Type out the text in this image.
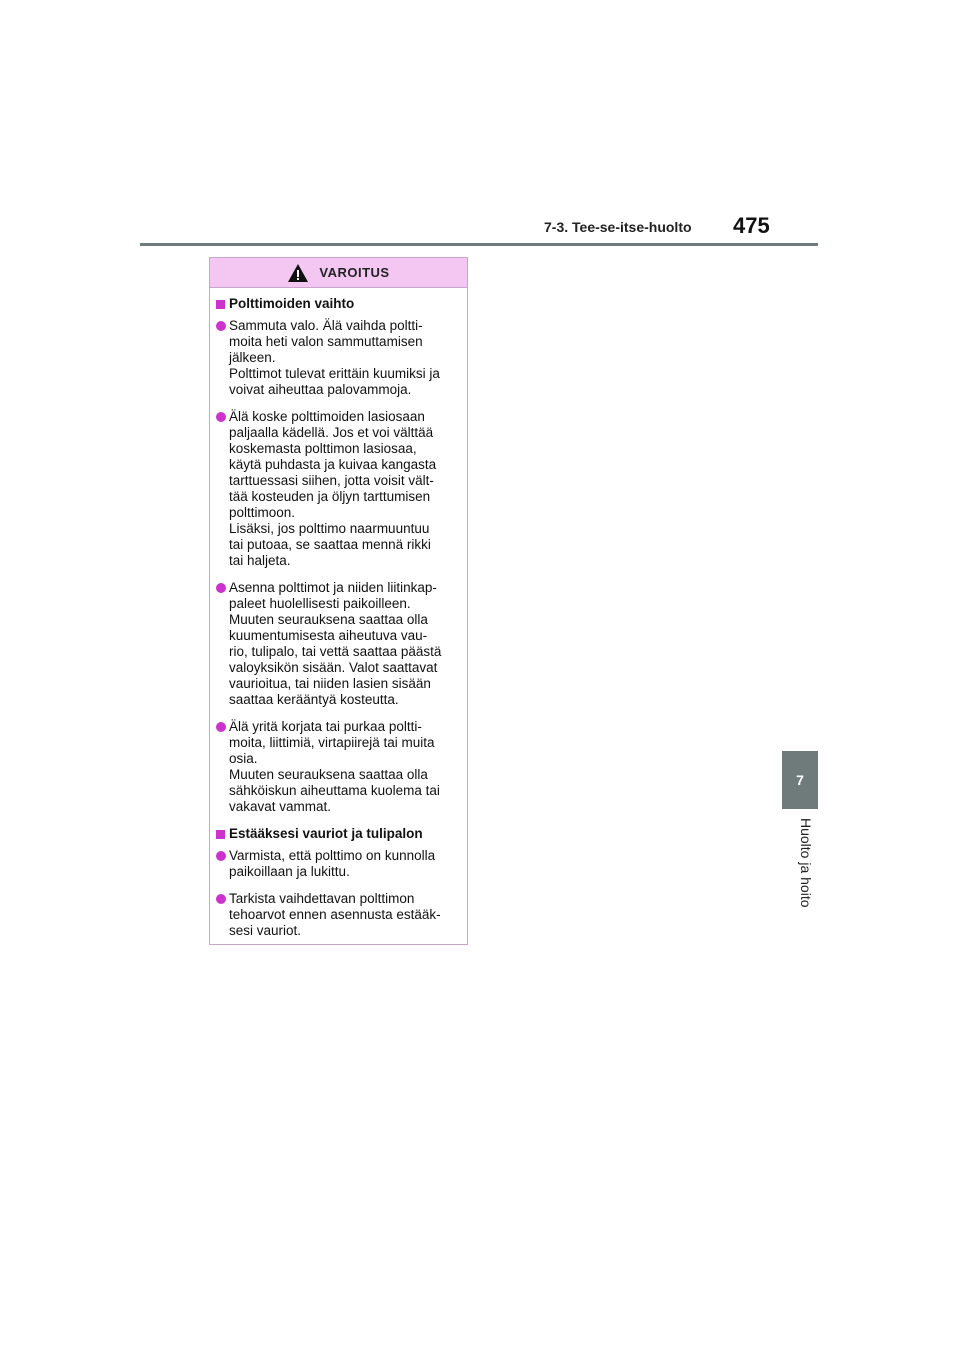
7-3. Tee-se-itse-huolto 475
7
Huolto ja hoito
VAROITUS
Polttimoiden vaihto
Sammuta valo. Älä vaihda poltti-
moita heti valon sammuttamisen
jälkeen.
Polttimot tulevat erittäin kuumiksi ja
voivat aiheuttaa palovammoja.
Älä koske polttimoiden lasiosaan
paljaalla kädellä. Jos et voi välttää
koskemasta polttimon lasiosaa,
käytä puhdasta ja kuivaa kangasta
tarttuessasi siihen, jotta voisit vält-
tää kosteuden ja öljyn tarttumisen
polttimoon.
Lisäksi, jos polttimo naarmuuntuu
tai putoaa, se saattaa mennä rikki
tai haljeta.
Asenna polttimot ja niiden liitinkap-
paleet huolellisesti paikoilleen.
Muuten seurauksena saattaa olla
kuumentumisesta aiheutuva vau-
rio, tulipalo, tai vettä saattaa päästä
valoyksikön sisään. Valot saattavat
vaurioitua, tai niiden lasien sisään
saattaa kerääntyä kosteutta.
Älä yritä korjata tai purkaa poltti-
moita, liittimiä, virtapiirejä tai muita
osia.
Muuten seurauksena saattaa olla
sähköiskun aiheuttama kuolema tai
vakavat vammat.
Estääksesi vauriot ja tulipalon
Varmista, että polttimo on kunnolla
paikoillaan ja lukittu.
Tarkista vaihdettavan polttimon
tehoarvot ennen asennusta estääk-
sesi vauriot.
